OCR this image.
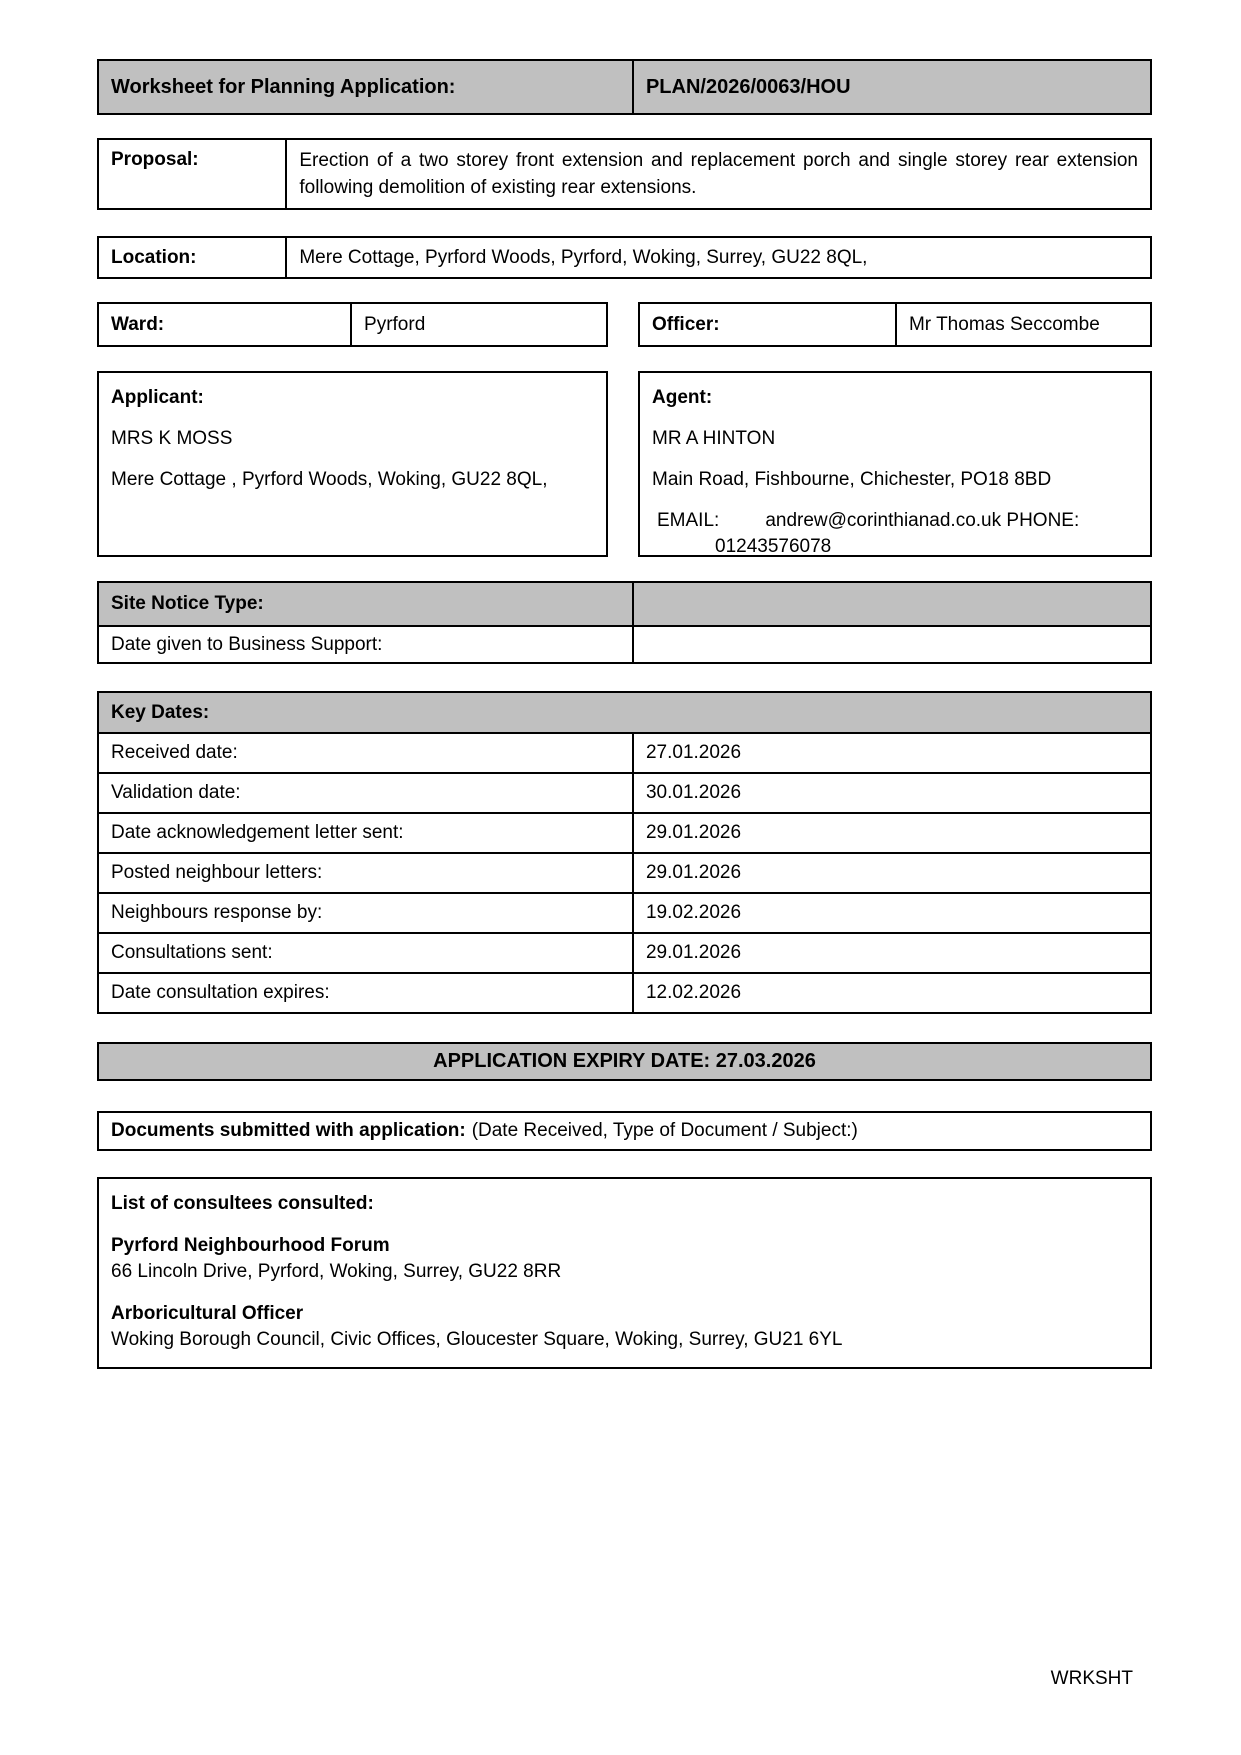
Worksheet for Planning Application:	PLAN/2026/0063/HOU
Proposal:	Erection of a two storey front extension and replacement porch and single storey rear extension following demolition of existing rear extensions.
Location:	Mere Cottage, Pyrford Woods, Pyrford, Woking, Surrey, GU22 8QL,
Ward:	Pyrford	Officer:	Mr Thomas Seccombe

Applicant:

MRS K MOSS

Mere Cottage , Pyrford Woods, Woking, GU22 8QL,

Agent:

MR A HINTON

Main Road, Fishbourne, Chichester, PO18 8BD

EMAIL: andrew@corinthianad.co.uk PHONE:
01243576078

Site Notice Type:
Date given to Business Support:
Key Dates:
Received date:	27.01.2026
Validation date:	30.01.2026
Date acknowledgement letter sent:	29.01.2026
Posted neighbour letters:	29.01.2026
Neighbours response by:	19.02.2026
Consultations sent:	29.01.2026
Date consultation expires:	12.02.2026
APPLICATION EXPIRY DATE: 27.03.2026
Documents submitted with application: (Date Received, Type of Document / Subject:)

List of consultees consulted:

Pyrford Neighbourhood Forum
66 Lincoln Drive, Pyrford, Woking, Surrey, GU22 8RR
Arboricultural Officer
Woking Borough Council, Civic Offices, Gloucester Square, Woking, Surrey, GU21 6YL
WRKSHT
